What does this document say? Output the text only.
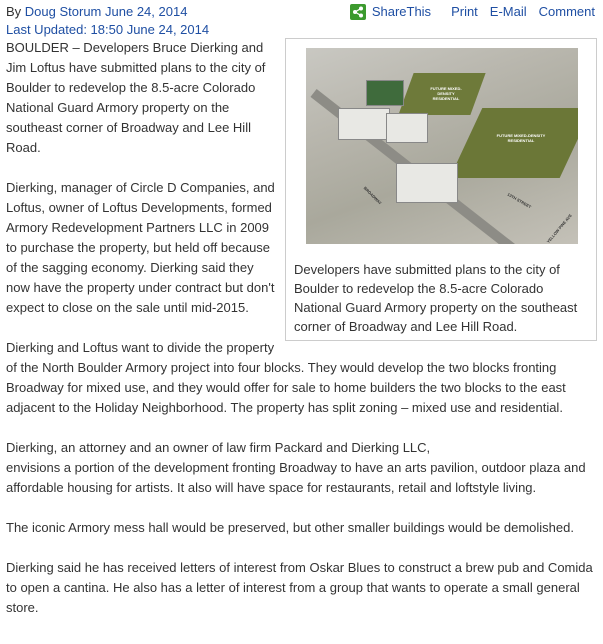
By Doug Storum June 24, 2014
Last Updated: 18:50 June 24, 2014
ShareThis Print E-Mail Comment
FUTURE MIXED-DENSITY RESIDENTIAL
FUTURE MIXED-DENSITY RESIDENTIAL
BROADWAY	13TH STREET
YELLOW PINE AVE
Developers have submitted plans to the city of Boulder to redevelop the 8.5-acre Colorado National Guard Armory property on the southeast corner of Broadway and Lee Hill Road.

BOULDER – Developers Bruce Dierking and Jim Loftus have submitted plans to the city of Boulder to redevelop the 8.5-acre Colorado National Guard Armory property on the southeast corner of Broadway and Lee Hill Road.

Dierking, manager of Circle D Companies, and Loftus, owner of Loftus Developments, formed Armory Redevelopment Partners LLC in 2009 to purchase the property, but held off because of the sagging economy. Dierking said they now have the property under contract but don't expect to close on the sale until mid-2015.

Dierking and Loftus want to divide the property of the North Boulder Armory project into four blocks. They would develop the two blocks fronting Broadway for mixed use, and they would offer for sale to home builders the two blocks to the east adjacent to the Holiday Neighborhood. The property has split zoning – mixed use and residential.

Dierking, an attorney and an owner of law firm Packard and Dierking LLC,

envisions a portion of the development fronting Broadway to have an arts pavilion, outdoor plaza and affordable housing for artists. It also will have space for restaurants, retail and loftstyle living.

The iconic Armory mess hall would be preserved, but other smaller buildings would be demolished.

Dierking said he has received letters of interest from Oskar Blues to construct a brew pub and Comida to open a cantina. He also has a letter of interest from a group that wants to operate a small general store.
